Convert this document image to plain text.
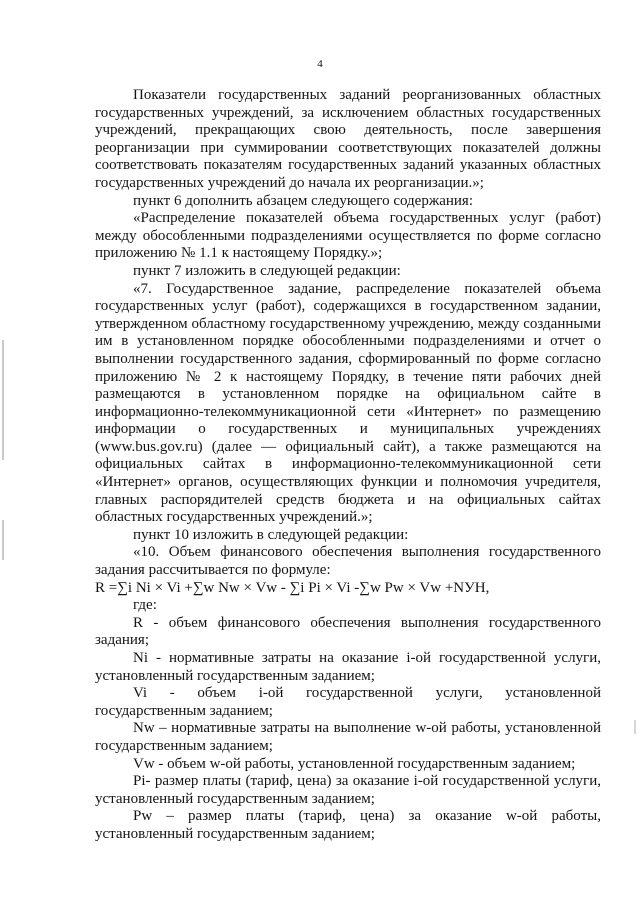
4

Показатели государственных заданий реорганизованных областных государственных учреждений, за исключением областных государственных учреждений, прекращающих свою деятельность, после завершения реорганизации при суммировании соответствующих показателей должны соответствовать показателям государственных заданий указанных областных государственных учреждений до начала их реорганизации.»;

пункт 6 дополнить абзацем следующего содержания:

«Распределение показателей объема государственных услуг (работ) между обособленными подразделениями осуществляется по форме согласно приложению № 1.1 к настоящему Порядку.»;

пункт 7 изложить в следующей редакции:

«7. Государственное задание, распределение показателей объема государственных услуг (работ), содержащихся в государственном задании, утвержденном областному государственному учреждению, между созданными им в установленном порядке обособленными подразделениями и отчет о выполнении государственного задания, сформированный по форме согласно приложению № 2 к настоящему Порядку, в течение пяти рабочих дней размещаются в установленном порядке на официальном сайте в информационно-телекоммуникационной сети «Интернет» по размещению информации о государственных и муниципальных учреждениях (www.bus.gov.ru) (далее — официальный сайт), а также размещаются на официальных сайтах в информационно-телекоммуникационной сети «Интернет» органов, осуществляющих функции и полномочия учредителя, главных распорядителей средств бюджета и на официальных сайтах областных государственных учреждений.»;

пункт 10 изложить в следующей редакции:

«10. Объем финансового обеспечения выполнения государственного задания рассчитывается по формуле:

R =∑i Ni × Vi +∑w Nw × Vw - ∑i Pi × Vi -∑w Pw × Vw +NУН,

где:

R - объем финансового обеспечения выполнения государственного задания;

Ni - нормативные затраты на оказание i-ой государственной услуги, установленный государственным заданием;

Vi - объем i-ой государственной услуги, установленной государственным заданием;

Nw – нормативные затраты на выполнение w-ой работы, установленной государственным заданием;

Vw - объем w-ой работы, установленной государственным заданием;

Pi- размер платы (тариф, цена) за оказание i-ой государственной услуги, установленный государственным заданием;

Pw – размер платы (тариф, цена) за оказание w-ой работы, установленный государственным заданием;
